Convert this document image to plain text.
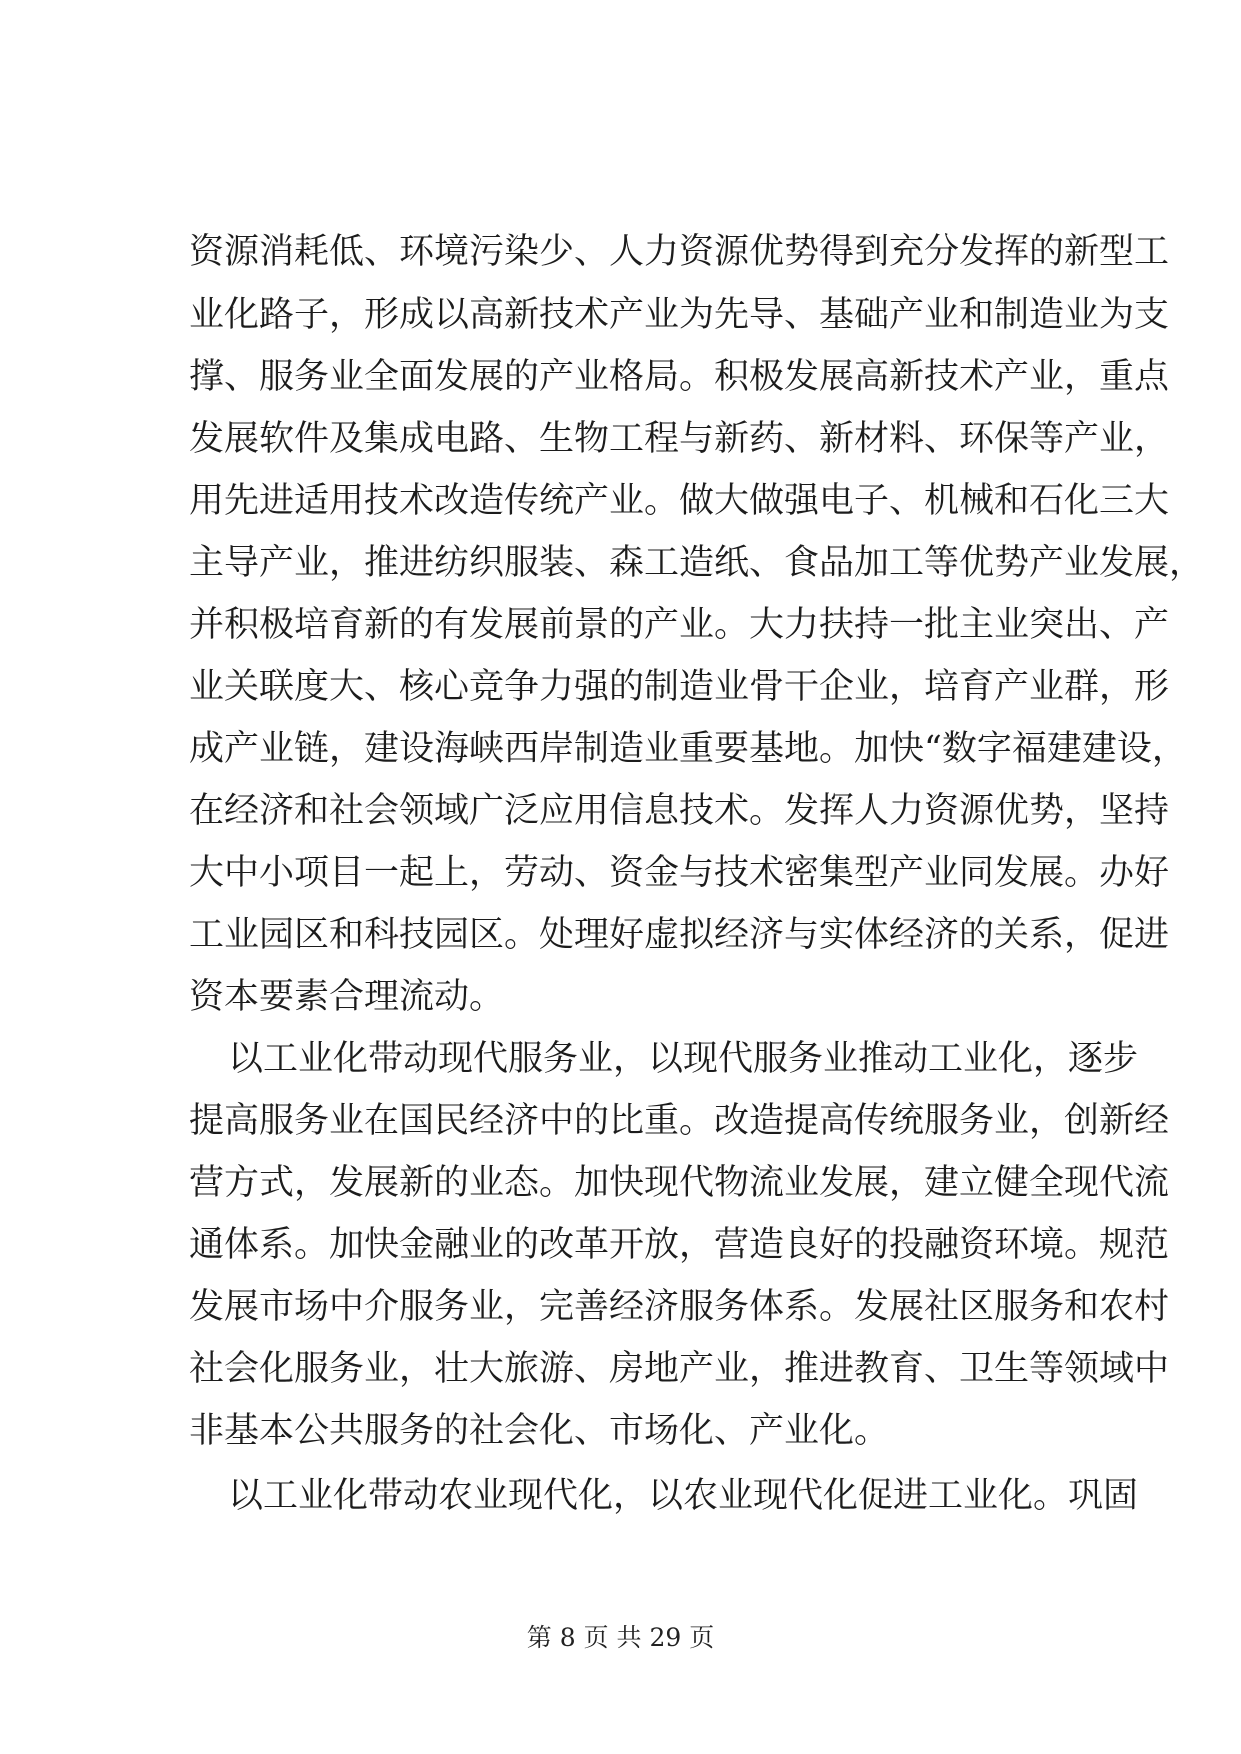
资源消耗低、环境污染少、人力资源优势得到充分发挥的新型工
业化路子，形成以高新技术产业为先导、基础产业和制造业为支
撑、服务业全面发展的产业格局。积极发展高新技术产业，重点
发展软件及集成电路、生物工程与新药、新材料、环保等产业，
用先进适用技术改造传统产业。做大做强电子、机械和石化三大
主导产业，推进纺织服装、森工造纸、食品加工等优势产业发展，
并积极培育新的有发展前景的产业。大力扶持一批主业突出、产
业关联度大、核心竞争力强的制造业骨干企业，培育产业群，形
成产业链，建设海峡西岸制造业重要基地。加快“数字福建建设，
在经济和社会领域广泛应用信息技术。发挥人力资源优势，坚持
大中小项目一起上，劳动、资金与技术密集型产业同发展。办好
工业园区和科技园区。处理好虚拟经济与实体经济的关系，促进
资本要素合理流动。
以工业化带动现代服务业，以现代服务业推动工业化，逐步
提高服务业在国民经济中的比重。改造提高传统服务业，创新经
营方式，发展新的业态。加快现代物流业发展，建立健全现代流
通体系。加快金融业的改革开放，营造良好的投融资环境。规范
发展市场中介服务业，完善经济服务体系。发展社区服务和农村
社会化服务业，壮大旅游、房地产业，推进教育、卫生等领域中
非基本公共服务的社会化、市场化、产业化。
以工业化带动农业现代化，以农业现代化促进工业化。巩固
第 8 页 共 29 页
